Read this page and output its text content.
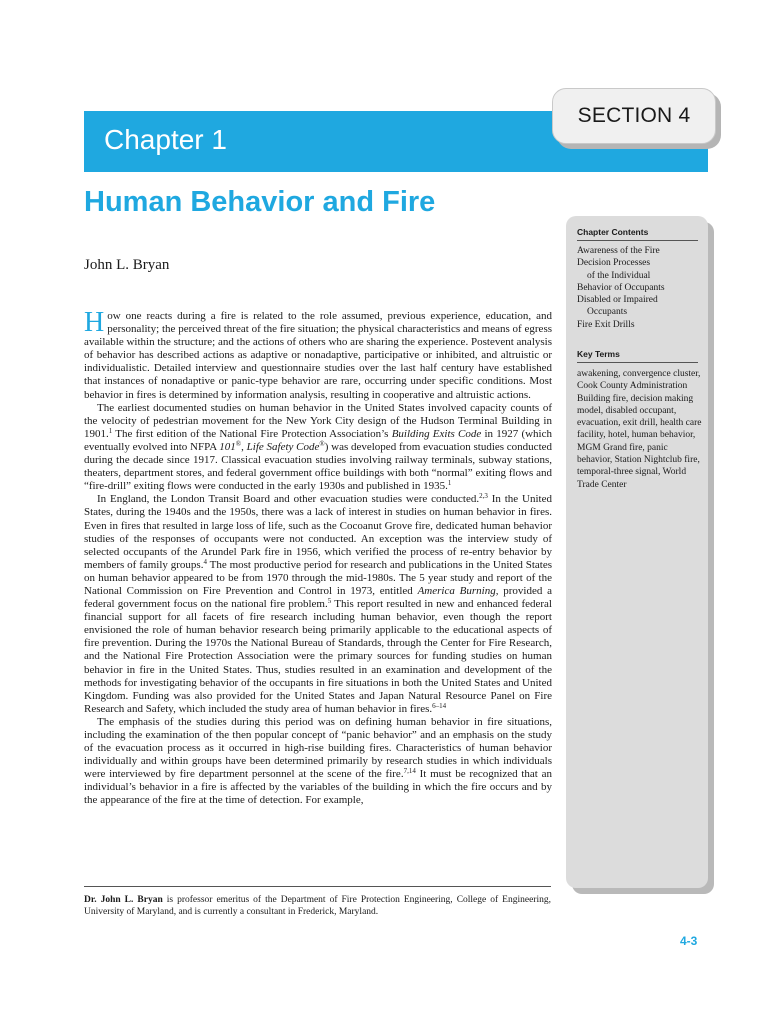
Chapter 1
SECTION 4
Human Behavior and Fire
John L. Bryan

How one reacts during a fire is related to the role assumed, previous experience, education, and personality; the perceived threat of the fire situation; the physical characteristics and means of egress available within the structure; and the actions of others who are sharing the experience. Postevent analysis of behavior has described actions as adaptive or nonadaptive, participative or inhibited, and altruistic or individualistic. Detailed interview and questionnaire studies over the last half century have established that instances of nonadaptive or panic-type behavior are rare, occurring under specific conditions. Most behavior in fires is determined by information analysis, resulting in cooperative and altruistic actions.

The earliest documented studies on human behavior in the United States involved capacity counts of the velocity of pedestrian movement for the New York City design of the Hudson Terminal Building in 1901.$^1$ The first edition of the National Fire Protection Association’s Building Exits Code in 1927 (which eventually evolved into NFPA 101®, Life Safety Code®) was developed from evacuation studies conducted during the decade since 1917. Classical evacuation studies involving railway terminals, subway stations, theaters, department stores, and federal government office buildings with both “normal” exiting flows and “fire-drill” exiting flows were conducted in the early 1930s and published in 1935.$^1$

In England, the London Transit Board and other evacuation studies were conducted.$^{2,3}$ In the United States, during the 1940s and the 1950s, there was a lack of interest in studies on human behavior in fires. Even in fires that resulted in large loss of life, such as the Cocoanut Grove fire, dedicated human behavior studies of the responses of occupants were not conducted. An exception was the interview study of selected occupants of the Arundel Park fire in 1956, which verified the process of re-entry behavior by members of family groups.$^4$ The most productive period for research and publications in the United States on human behavior appeared to be from 1970 through the mid-1980s. The 5 year study and report of the National Commission on Fire Prevention and Control in 1973, entitled America Burning, provided a federal government focus on the national fire problem.$^5$ This report resulted in new and enhanced federal financial support for all facets of fire research including human behavior, even though the report envisioned the role of human behavior research being primarily applicable to the educational aspects of fire prevention. During the 1970s the National Bureau of Standards, through the Center for Fire Research, and the National Fire Protection Association were the primary sources for funding studies on human behavior in fire in the United States. Thus, studies resulted in an examination and development of the methods for investigating behavior of the occupants in fire situations in both the United States and United Kingdom. Funding was also provided for the United States and Japan Natural Resource Panel on Fire Research and Safety, which included the study area of human behavior in fires.$^{6-14}$

The emphasis of the studies during this period was on defining human behavior in fire situations, including the examination of the then popular concept of “panic behavior” and an emphasis on the study of the evacuation process as it occurred in high-rise building fires. Characteristics of human behavior individually and within groups have been determined primarily by research studies in which individuals were interviewed by fire department personnel at the scene of the fire.$^{7,14}$ It must be recognized that an individual’s behavior in a fire is affected by the variables of the building in which the fire occurs and by the appearance of the fire at the time of detection. For example,

Dr. John L. Bryan is professor emeritus of the Department of Fire Protection Engineering, College of Engineering, University of Maryland, and is currently a consultant in Frederick, Maryland.

Chapter Contents
Awareness of the Fire
Decision Processes
of the Individual
Behavior of Occupants
Disabled or Impaired
Occupants
Fire Exit Drills
Key Terms

awakening, convergence cluster, Cook County Administration Building fire, decision making model, disabled occupant, evacuation, exit drill, health care facility, hotel, human behavior, MGM Grand fire, panic behavior, Station Nightclub fire, temporal-three signal, World Trade Center

4-3
